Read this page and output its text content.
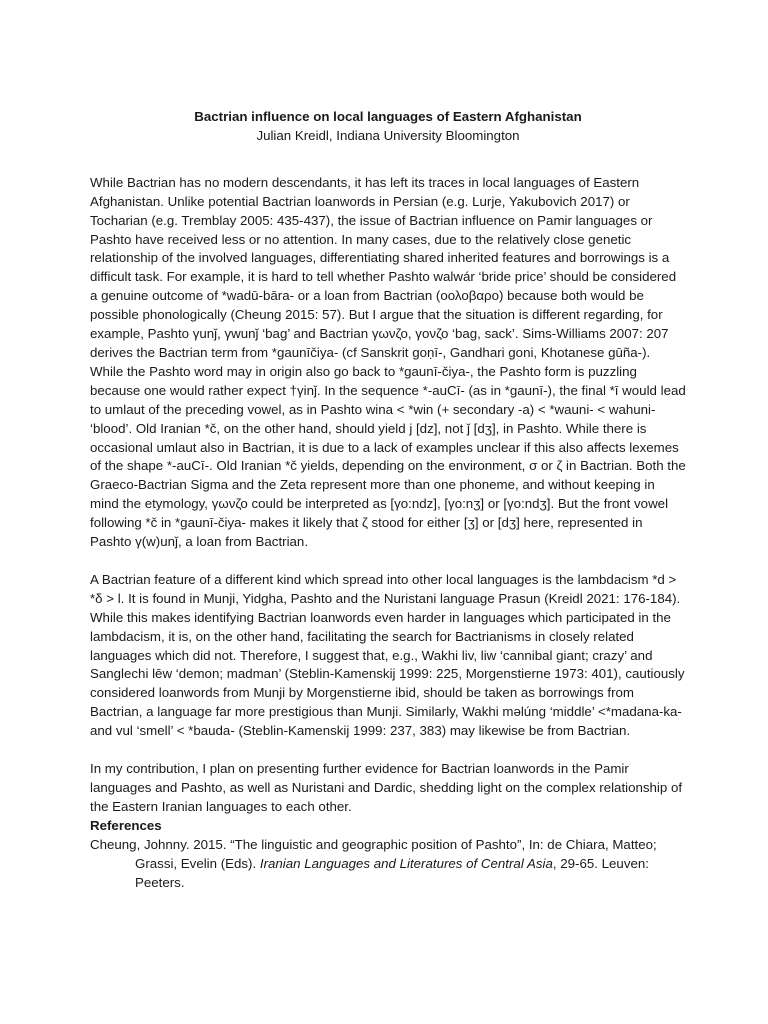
Bactrian influence on local languages of Eastern Afghanistan

Julian Kreidl, Indiana University Bloomington

While Bactrian has no modern descendants, it has left its traces in local languages of Eastern Afghanistan. Unlike potential Bactrian loanwords in Persian (e.g. Lurje, Yakubovich 2017) or Tocharian (e.g. Tremblay 2005: 435-437), the issue of Bactrian influence on Pamir languages or Pashto have received less or no attention. In many cases, due to the relatively close genetic relationship of the involved languages, differentiating shared inherited features and borrowings is a difficult task. For example, it is hard to tell whether Pashto walwár ‘bride price’ should be considered a genuine outcome of *wadū-bāra- or a loan from Bactrian (οολοβαρο) because both would be possible phonologically (Cheung 2015: 57). But I argue that the situation is different regarding, for example, Pashto γunǰ, γwunǰ ‘bag’ and Bactrian γωνζο, γονζο ‘bag, sack’. Sims-Williams 2007: 207 derives the Bactrian term from *gaunīčiya- (cf Sanskrit goṇī-, Gandhari goni, Khotanese gūña-). While the Pashto word may in origin also go back to *gaunī-čiya-, the Pashto form is puzzling because one would rather expect †γinǰ. In the sequence *-auCī- (as in *gaunī-), the final *ī would lead to umlaut of the preceding vowel, as in Pashto wina < *win (+ secondary -a) < *wauni- < wahuni- ‘blood’. Old Iranian *č, on the other hand, should yield j [dz], not ǰ [dʒ], in Pashto. While there is occasional umlaut also in Bactrian, it is due to a lack of examples unclear if this also affects lexemes of the shape *-auCī-. Old Iranian *č yields, depending on the environment, σ or ζ in Bactrian. Both the Graeco-Bactrian Sigma and the Zeta represent more than one phoneme, and without keeping in mind the etymology, γωνζο could be interpreted as [γo:ndz], [γo:nʒ] or [γo:ndʒ]. But the front vowel following *č in *gaunī-čiya- makes it likely that ζ stood for either [ʒ] or [dʒ] here, represented in Pashto γ(w)unǰ, a loan from Bactrian.

A Bactrian feature of a different kind which spread into other local languages is the lambdacism *d > *δ > l. It is found in Munji, Yidgha, Pashto and the Nuristani language Prasun (Kreidl 2021: 176-184). While this makes identifying Bactrian loanwords even harder in languages which participated in the lambdacism, it is, on the other hand, facilitating the search for Bactrianisms in closely related languages which did not. Therefore, I suggest that, e.g., Wakhi liv, liw ‘cannibal giant; crazy’ and Sanglechi lēw ‘demon; madman’ (Steblin-Kamenskij 1999: 225, Morgenstierne 1973: 401), cautiously considered loanwords from Munji by Morgenstierne ibid, should be taken as borrowings from Bactrian, a language far more prestigious than Munji. Similarly, Wakhi məlúng ‘middle’ <*madana-ka- and vul ‘smell’ < *bauda- (Steblin-Kamenskij 1999: 237, 383) may likewise be from Bactrian.

In my contribution, I plan on presenting further evidence for Bactrian loanwords in the Pamir languages and Pashto, as well as Nuristani and Dardic, shedding light on the complex relationship of the Eastern Iranian languages to each other.

References

Cheung, Johnny. 2015. “The linguistic and geographic position of Pashto”, In: de Chiara, Matteo; Grassi, Evelin (Eds). Iranian Languages and Literatures of Central Asia, 29-65. Leuven: Peeters.
